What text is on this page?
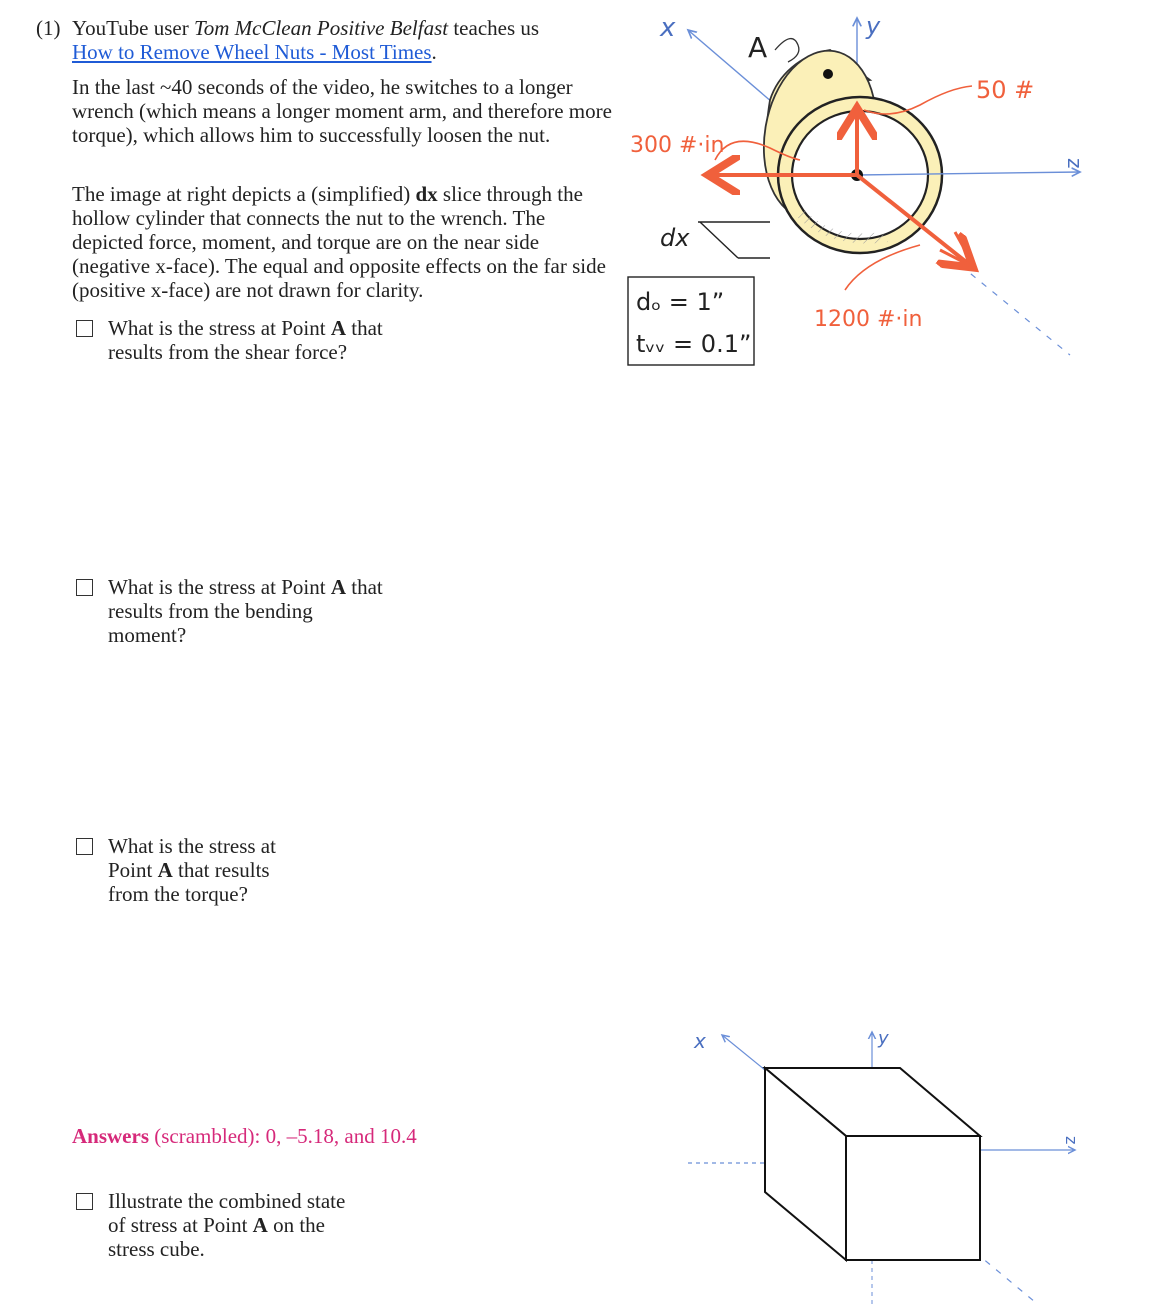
(1) YouTube user Tom McClean Positive Belfast teaches us
How to Remove Wheel Nuts - Most Times.
In the last ~40 seconds of the video, he switches to a longer wrench (which means a longer moment arm, and therefore more torque), which allows him to successfully loosen the nut.
The image at right depicts a (simplified) dx slice through the hollow cylinder that connects the nut to the wrench. The depicted force, moment, and torque are on the near side (negative x-face). The equal and opposite effects on the far side (positive x-face) are not drawn for clarity.
What is the stress at Point A that results from the shear force?
What is the stress at Point A that results from the bending moment?
What is the stress at Point A that results from the torque?
Answers (scrambled): 0, –5.18, and 10.4
Illustrate the combined state of stress at Point A on the stress cube.
x	y
z
A
50 #
300 #·in
1200 #·in
dx
dₒ = 1”
tᵥᵥ = 0.1”
x	y
z
